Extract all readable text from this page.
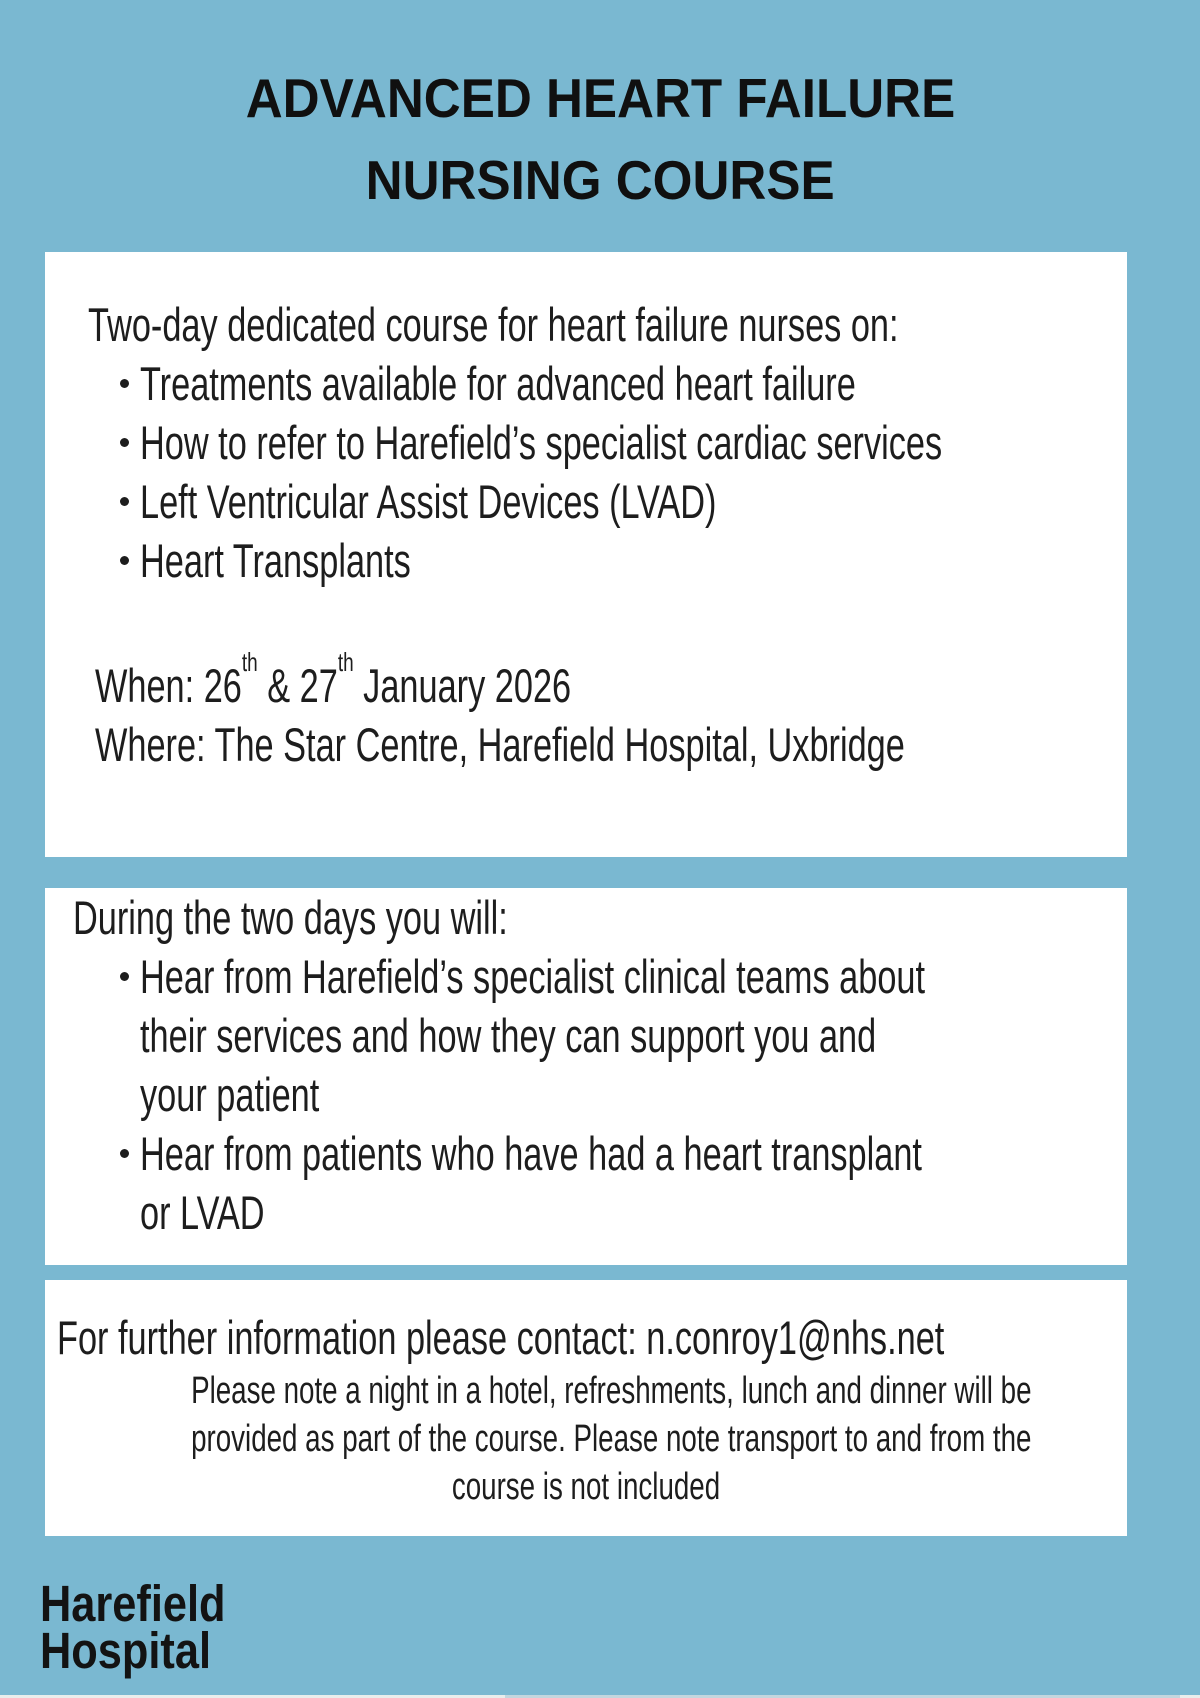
ADVANCED HEART FAILURE
NURSING COURSE
Two-day dedicated course for heart failure nurses on:
Treatments available for advanced heart failure
How to refer to Harefield’s specialist cardiac services
Left Ventricular Assist Devices (LVAD)
Heart Transplants
When: 26th & 27th January 2026
Where: The Star Centre, Harefield Hospital, Uxbridge
During the two days you will:
Hear from Harefield’s specialist clinical teams about
their services and how they can support you and
your patient
Hear from patients who have had a heart transplant
or LVAD
For further information please contact: n.conroy1@nhs.net
Please note a night in a hotel, refreshments, lunch and dinner will be
provided as part of the course. Please note transport to and from the
course is not included
Harefield
Hospital
